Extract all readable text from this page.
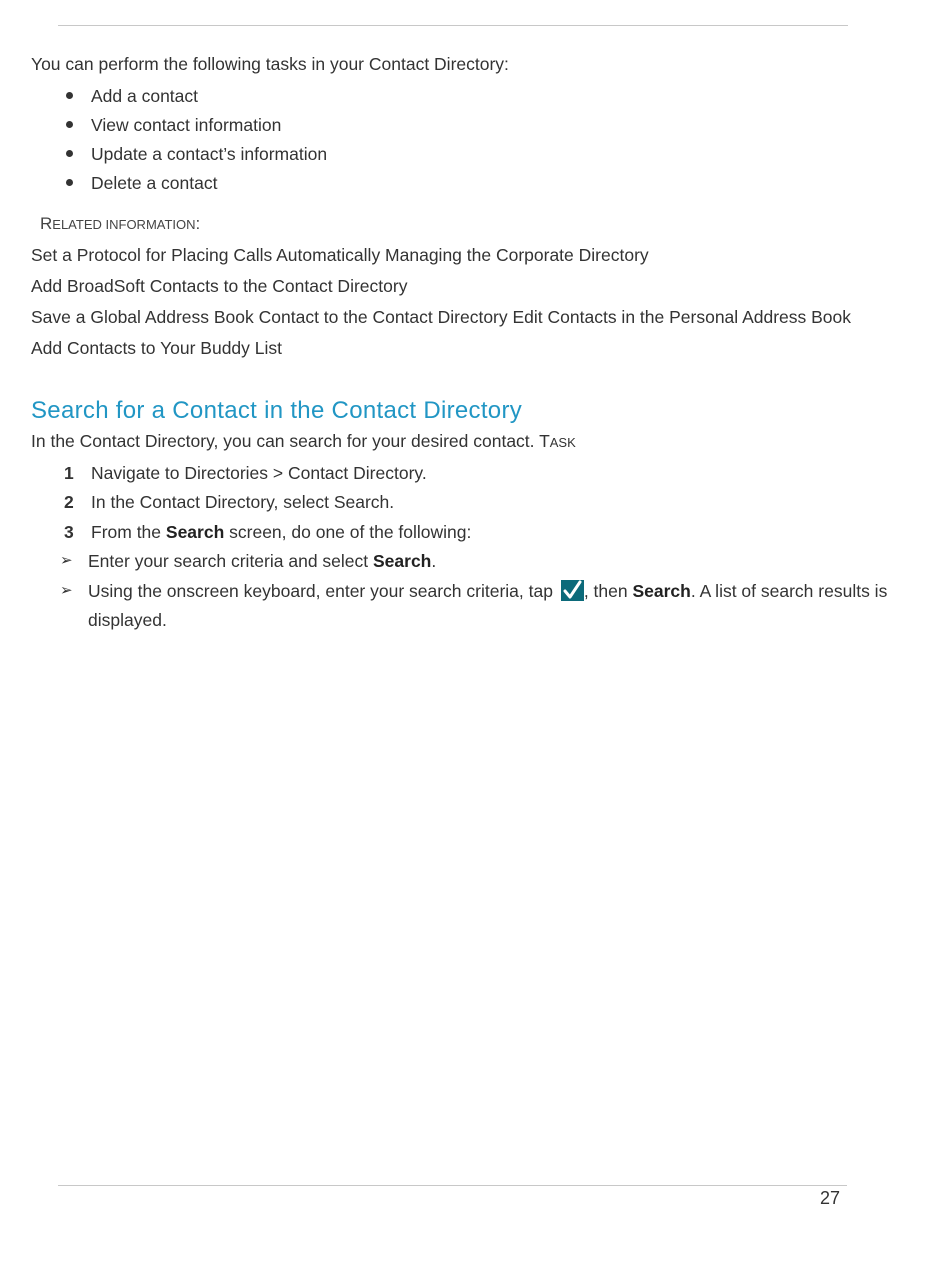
You can perform the following tasks in your Contact Directory:
Add a contact
View contact information
Update a contact’s information
Delete a contact
RELATED INFORMATION:
Set a Protocol for Placing Calls Automatically Managing the Corporate Directory
Add BroadSoft Contacts to the Contact Directory
Save a Global Address Book Contact to the Contact Directory Edit Contacts in the Personal Address Book
Add Contacts to Your Buddy List
Search for a Contact in the Contact Directory
In the Contact Directory, you can search for your desired contact. TASK
1 Navigate to Directories > Contact Directory.
2 In the Contact Directory, select Search.
3 From the Search screen, do one of the following:
➢ Enter your search criteria and select Search.
➢ Using the onscreen keyboard, enter your search criteria, tap
, then Search. A list of search results is
displayed.
27
